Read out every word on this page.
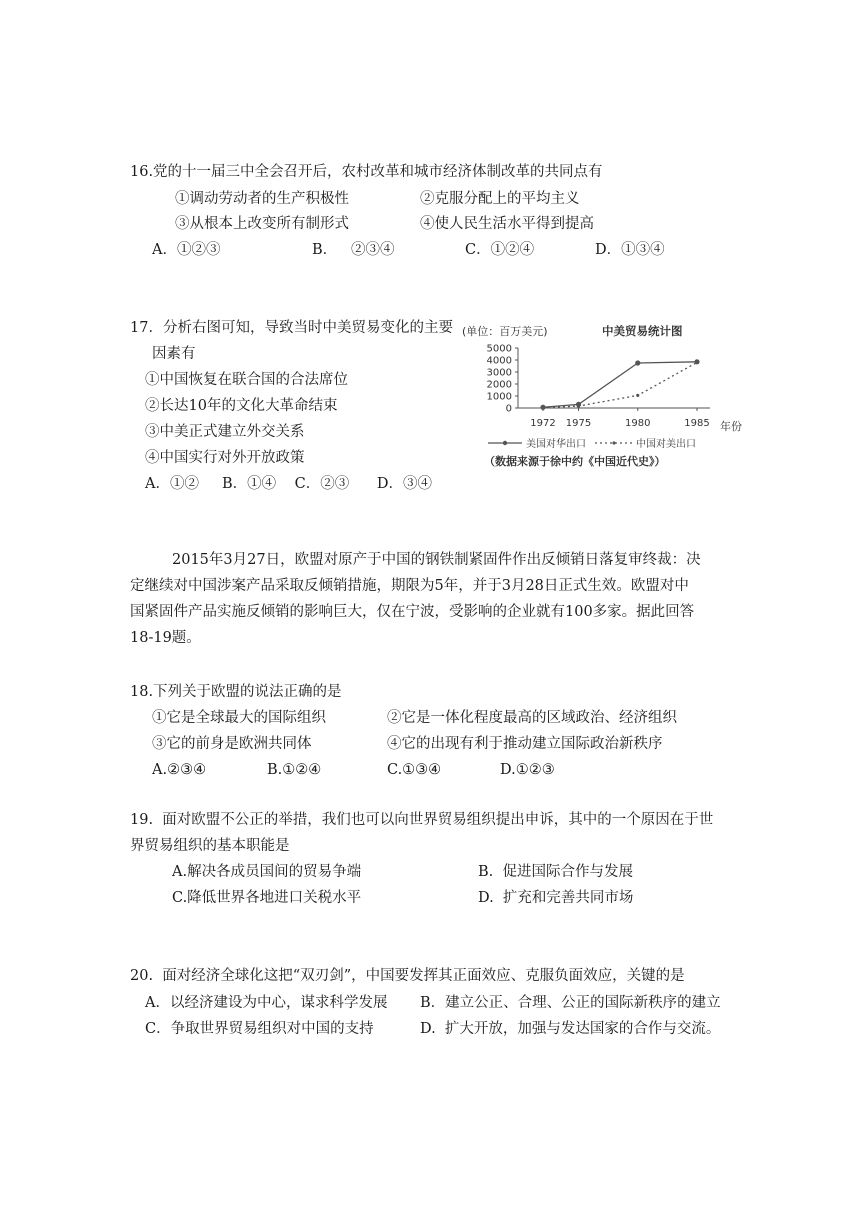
16.党的十一届三中全会召开后，农村改革和城市经济体制改革的共同点有
①调动劳动者的生产积极性	②克服分配上的平均主义
③从根本上改变所有制形式	④使人民生活水平得到提高
A．①②③	B．   ②③④	C．①②④	D．①③④
17．分析右图可知，导致当时中美贸易变化的主要
因素有
①中国恢复在联合国的合法席位
②长达10年的文化大革命结束
③中美正式建立外交关系
④中国实行对外开放政策
A．①②     B．①④    C．②③      D．③④
(单位：百万美元)	中美贸易统计图
5000
4000
3000
2000
1000
0
1972 1975	1980	1985 年份
美国对华出口	中国对美出口
（数据来源于徐中约《中国近代史》）
2015年3月27日，欧盟对原产于中国的钢铁制紧固件作出反倾销日落复审终裁：决
定继续对中国涉案产品采取反倾销措施，期限为5年，并于3月28日正式生效。欧盟对中
国紧固件产品实施反倾销的影响巨大，仅在宁波，受影响的企业就有100多家。据此回答
18-19题。
18.下列关于欧盟的说法正确的是
①它是全球最大的国际组织	②它是一体化程度最高的区域政治、经济组织
③它的前身是欧洲共同体	④它的出现有利于推动建立国际政治新秩序
A.②③④	B.①②④	C.①③④	D.①②③
19.  面对欧盟不公正的举措，我们也可以向世界贸易组织提出申诉，其中的一个原因在于世
界贸易组织的基本职能是
A.解决各成员国间的贸易争端	B.  促进国际合作与发展
C.降低世界各地进口关税水平	D.  扩充和完善共同市场
20.  面对经济全球化这把“双刃剑”，中国要发挥其正面效应、克服负面效应，关键的是
A．以经济建设为中心，谋求科学发展 B．建立公正、合理、公正的国际新秩序的建立
C．争取世界贸易组织对中国的支持	D.  扩大开放，加强与发达国家的合作与交流。
